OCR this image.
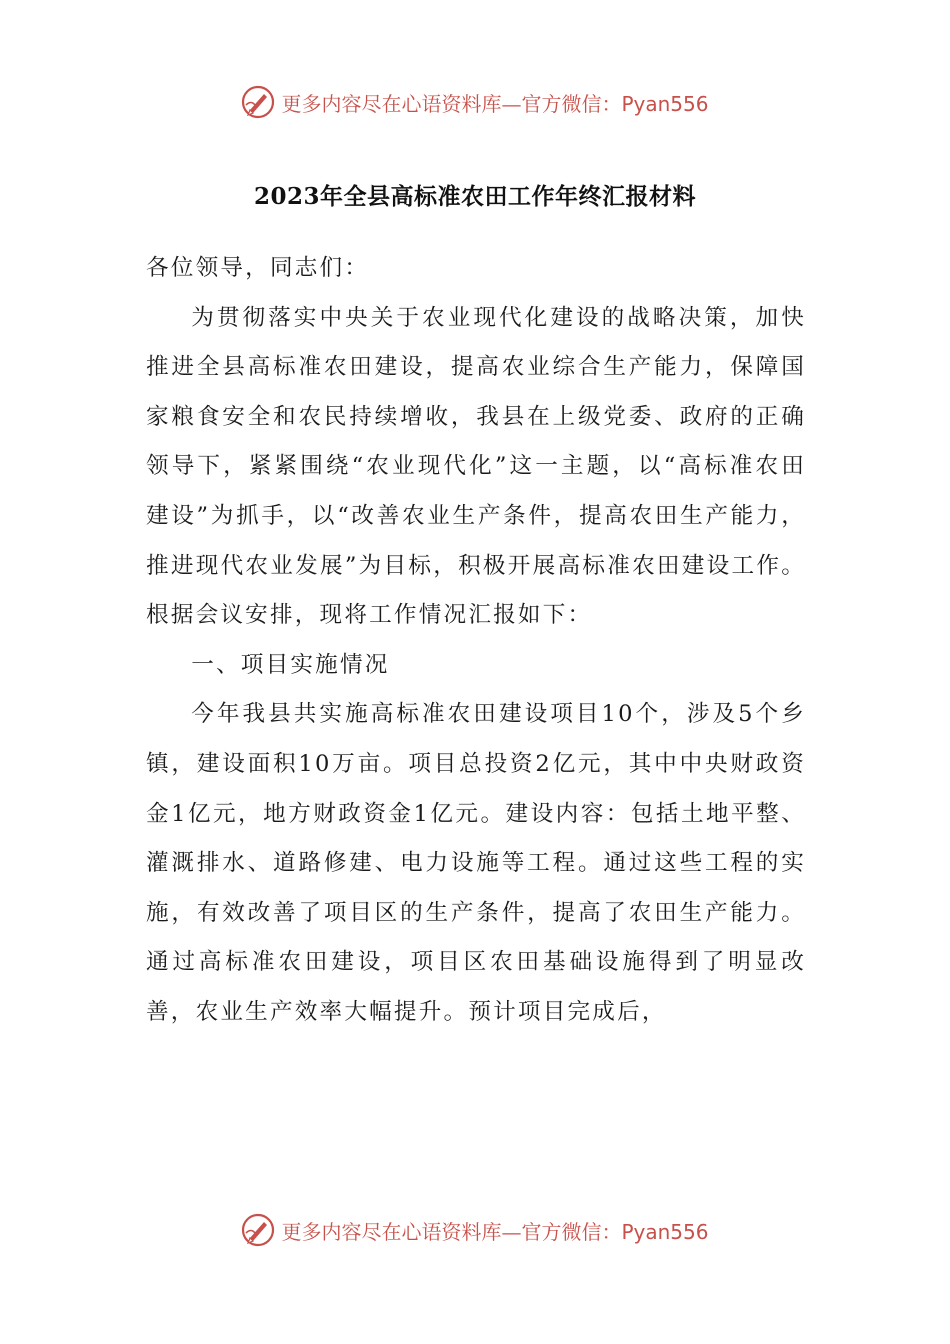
更多内容尽在心语资料库—官方微信：Pyan556
2023年全县高标准农田工作年终汇报材料

各位领导，同志们：

为贯彻落实中央关于农业现代化建设的战略决策，加快推进全县高标准农田建设，提高农业综合生产能力，保障国家粮食安全和农民持续增收，我县在上级党委、政府的正确领导下，紧紧围绕“农业现代化”这一主题，以“高标准农田建设”为抓手，以“改善农业生产条件，提高农田生产能力，推进现代农业发展”为目标，积极开展高标准农田建设工作。根据会议安排，现将工作情况汇报如下：

一、项目实施情况

今年我县共实施高标准农田建设项目10个，涉及5个乡镇，建设面积10万亩。项目总投资2亿元，其中中央财政资金1亿元，地方财政资金1亿元。建设内容：包括土地平整、灌溉排水、道路修建、电力设施等工程。通过这些工程的实施，有效改善了项目区的生产条件，提高了农田生产能力。通过高标准农田建设，项目区农田基础设施得到了明显改善，农业生产效率大幅提升。预计项目完成后，

更多内容尽在心语资料库—官方微信：Pyan556
